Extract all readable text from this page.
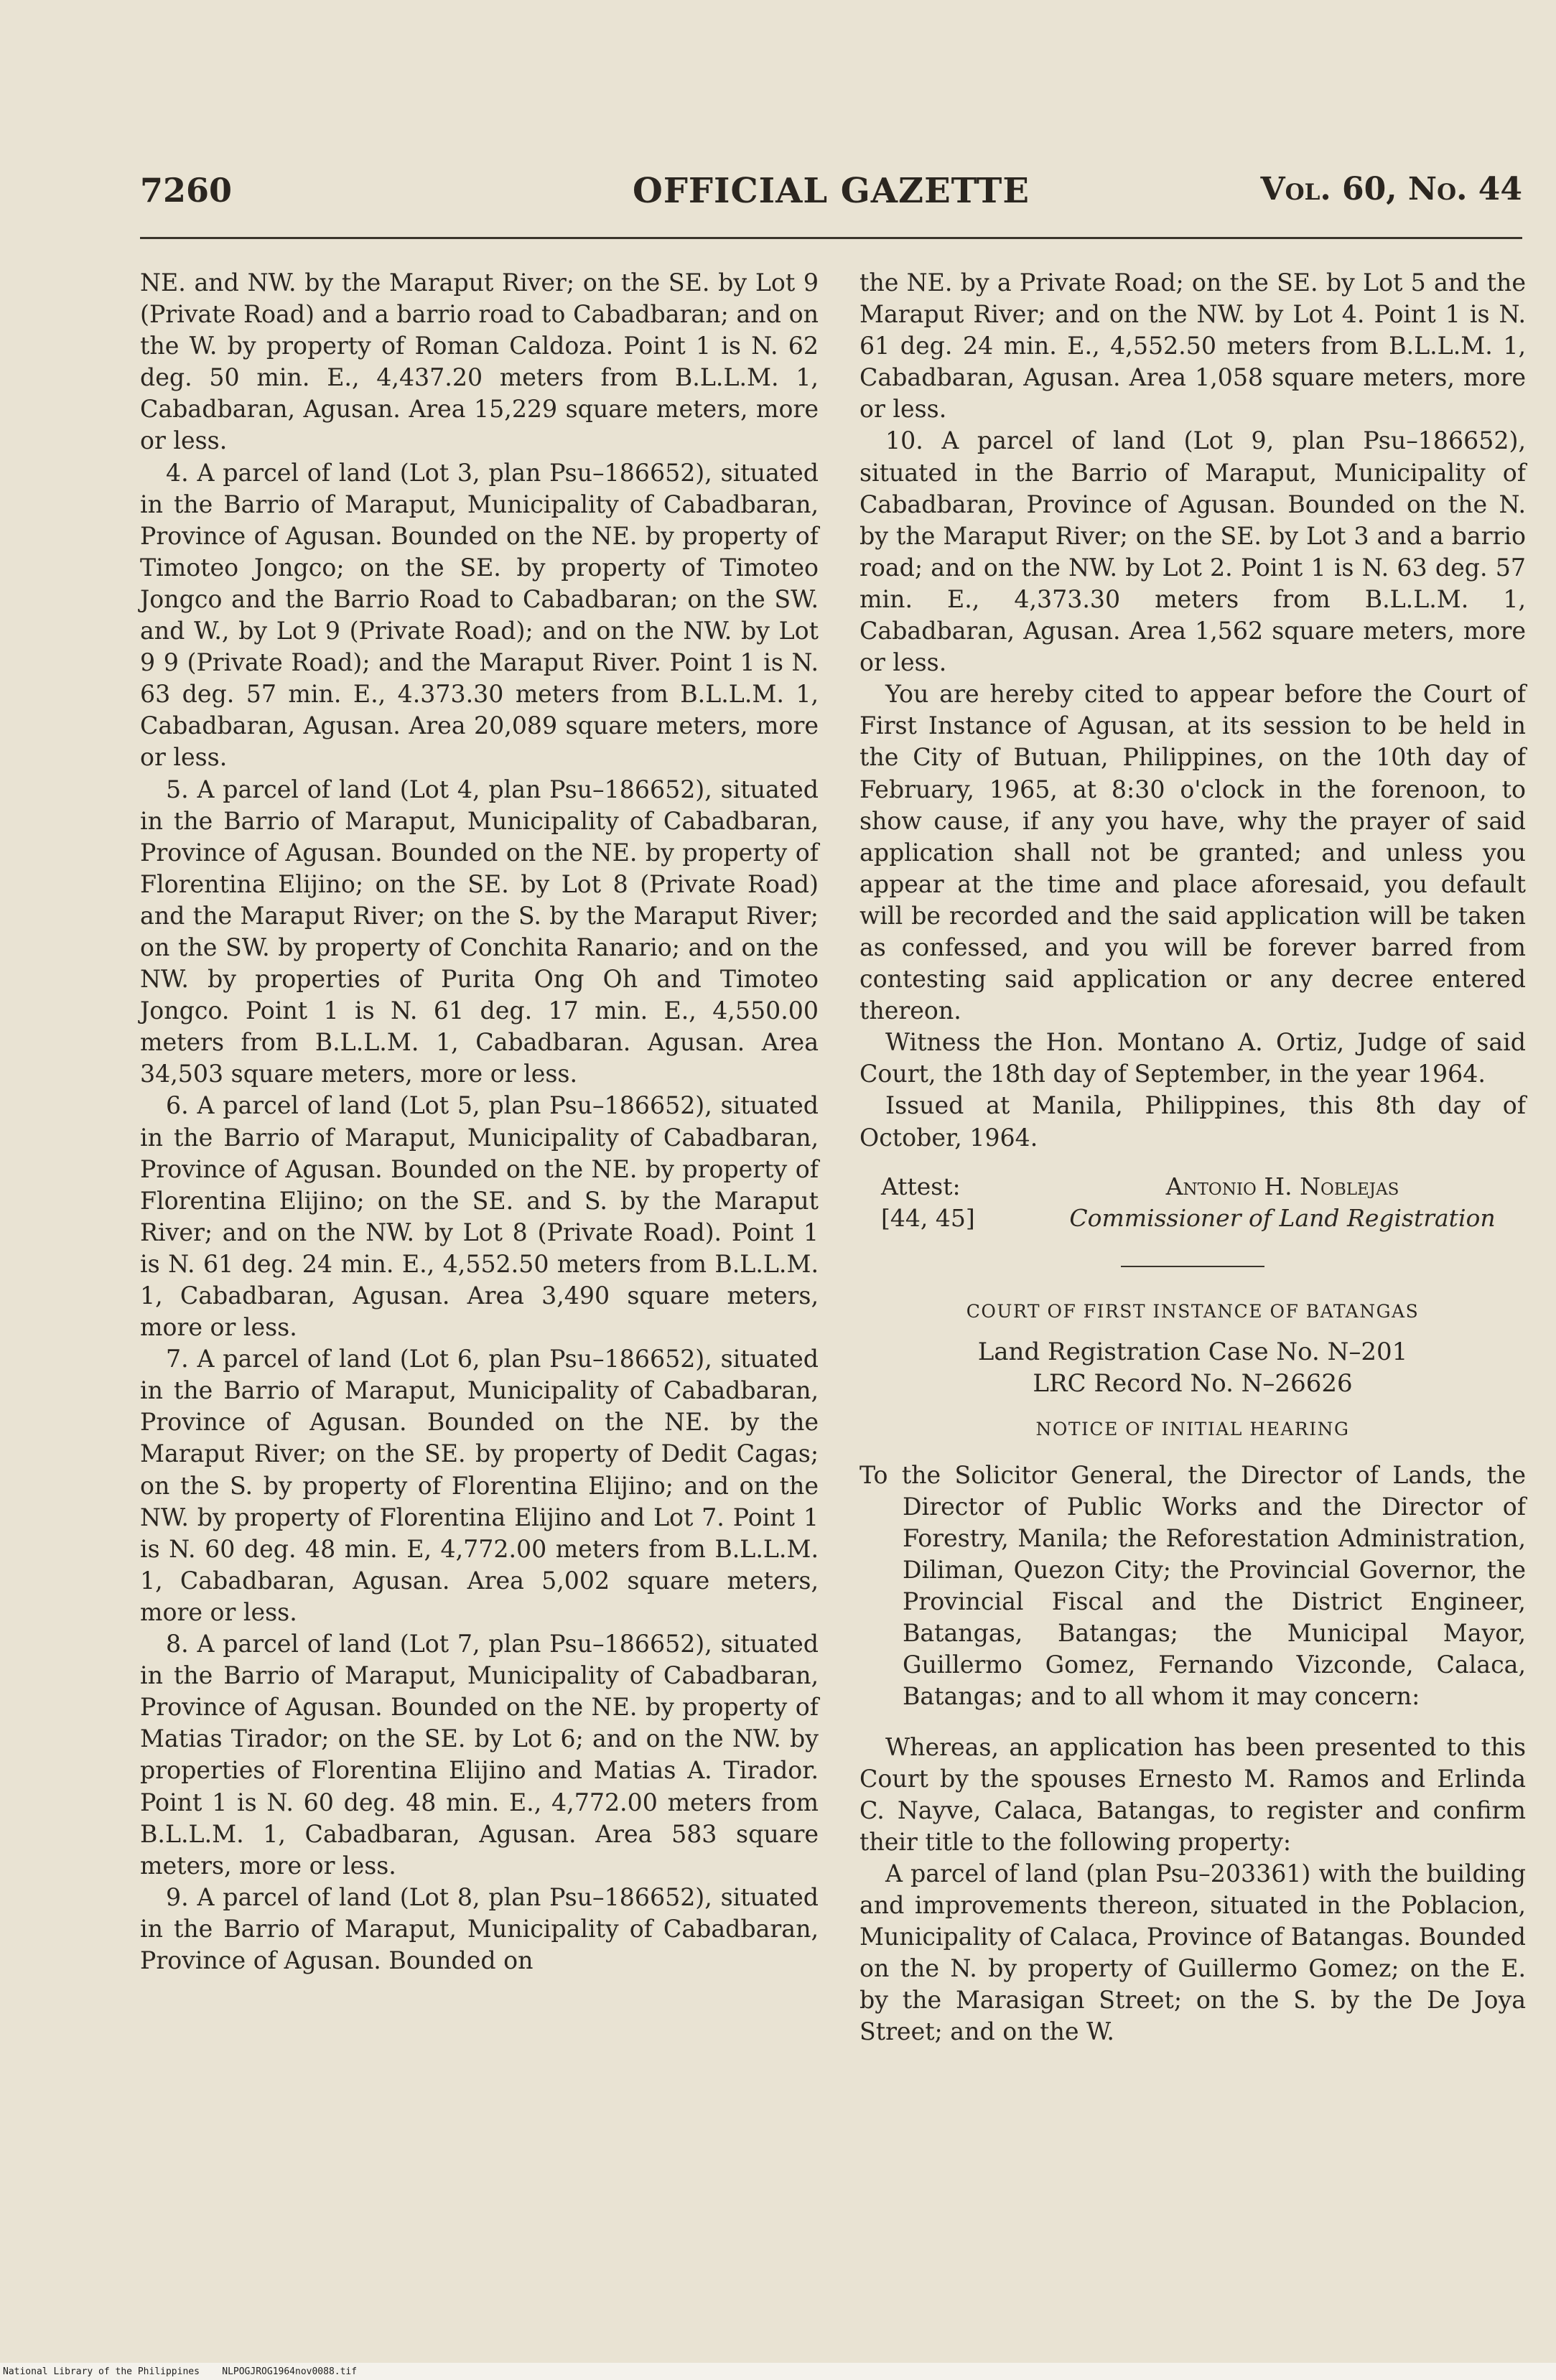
7260	OFFICIAL GAZETTE	Vol. 60, No. 44

NE. and NW. by the Maraput River; on the SE. by Lot 9 (Private Road) and a barrio road to Cabadbaran; and on the W. by property of Roman Caldoza. Point 1 is N. 62 deg. 50 min. E., 4,437.20 meters from B.L.L.M. 1, Cabadbaran, Agusan. Area 15,229 square meters, more or less.

4. A parcel of land (Lot 3, plan Psu–186652), situated in the Barrio of Maraput, Municipality of Cabadbaran, Province of Agusan. Bounded on the NE. by property of Timoteo Jongco; on the SE. by property of Timoteo Jongco and the Barrio Road to Cabadbaran; on the SW. and W., by Lot 9 (Private Road); and on the NW. by Lot 9 9 (Private Road); and the Maraput River. Point 1 is N. 63 deg. 57 min. E., 4.373.30 meters from B.L.L.M. 1, Cabadbaran, Agusan. Area 20,089 square meters, more or less.

5. A parcel of land (Lot 4, plan Psu–186652), situated in the Barrio of Maraput, Municipality of Cabadbaran, Province of Agusan. Bounded on the NE. by property of Florentina Elijino; on the SE. by Lot 8 (Private Road) and the Maraput River; on the S. by the Maraput River; on the SW. by property of Conchita Ranario; and on the NW. by properties of Purita Ong Oh and Timoteo Jongco. Point 1 is N. 61 deg. 17 min. E., 4,550.00 meters from B.L.L.M. 1, Cabadbaran. Agusan. Area 34,503 square meters, more or less.

6. A parcel of land (Lot 5, plan Psu–186652), situated in the Barrio of Maraput, Municipality of Cabadbaran, Province of Agusan. Bounded on the NE. by property of Florentina Elijino; on the SE. and S. by the Maraput River; and on the NW. by Lot 8 (Private Road). Point 1 is N. 61 deg. 24 min. E., 4,552.50 meters from B.L.L.M. 1, Cabadbaran, Agusan. Area 3,490 square meters, more or less.

7. A parcel of land (Lot 6, plan Psu–186652), situated in the Barrio of Maraput, Municipality of Cabadbaran, Province of Agusan. Bounded on the NE. by the Maraput River; on the SE. by property of Dedit Cagas; on the S. by property of Florentina Elijino; and on the NW. by property of Florentina Elijino and Lot 7. Point 1 is N. 60 deg. 48 min. E, 4,772.00 meters from B.L.L.M. 1, Cabadbaran, Agusan. Area 5,002 square meters, more or less.

8. A parcel of land (Lot 7, plan Psu–186652), situated in the Barrio of Maraput, Municipality of Cabadbaran, Province of Agusan. Bounded on the NE. by property of Matias Tirador; on the SE. by Lot 6; and on the NW. by properties of Florentina Elijino and Matias A. Tirador. Point 1 is N. 60 deg. 48 min. E., 4,772.00 meters from B.L.L.M. 1, Cabadbaran, Agusan. Area 583 square meters, more or less.

9. A parcel of land (Lot 8, plan Psu–186652), situated in the Barrio of Maraput, Municipality of Cabadbaran, Province of Agusan. Bounded on

the NE. by a Private Road; on the SE. by Lot 5 and the Maraput River; and on the NW. by Lot 4. Point 1 is N. 61 deg. 24 min. E., 4,552.50 meters from B.L.L.M. 1, Cabadbaran, Agusan. Area 1,058 square meters, more or less.

10. A parcel of land (Lot 9, plan Psu–186652), situated in the Barrio of Maraput, Municipality of Cabadbaran, Province of Agusan. Bounded on the N. by the Maraput River; on the SE. by Lot 3 and a barrio road; and on the NW. by Lot 2. Point 1 is N. 63 deg. 57 min. E., 4,373.30 meters from B.L.L.M. 1, Cabadbaran, Agusan. Area 1,562 square meters, more or less.

You are hereby cited to appear before the Court of First Instance of Agusan, at its session to be held in the City of Butuan, Philippines, on the 10th day of February, 1965, at 8:30 o'clock in the forenoon, to show cause, if any you have, why the prayer of said application shall not be granted; and unless you appear at the time and place aforesaid, you default will be recorded and the said application will be taken as confessed, and you will be forever barred from contesting said application or any decree entered thereon.

Witness the Hon. Montano A. Ortiz, Judge of said Court, the 18th day of September, in the year 1964.

Issued at Manila, Philippines, this 8th day of October, 1964.

Attest:
[44, 45]
Antonio H. Noblejas
Commissioner of Land Registration
COURT OF FIRST INSTANCE OF BATANGAS
Land Registration Case No. N–201
LRC Record No. N–26626
NOTICE OF INITIAL HEARING

To the Solicitor General, the Director of Lands, the Director of Public Works and the Director of Forestry, Manila; the Reforestation Administration, Diliman, Quezon City; the Provincial Governor, the Provincial Fiscal and the District Engineer, Batangas, Batangas; the Municipal Mayor, Guillermo Gomez, Fernando Vizconde, Calaca, Batangas; and to all whom it may concern:

Whereas, an application has been presented to this Court by the spouses Ernesto M. Ramos and Erlinda C. Nayve, Calaca, Batangas, to register and confirm their title to the following property:

A parcel of land (plan Psu–203361) with the building and improvements thereon, situated in the Poblacion, Municipality of Calaca, Province of Batangas. Bounded on the N. by property of Guillermo Gomez; on the E. by the Marasigan Street; on the S. by the De Joya Street; and on the W.

National Library of the Philippines NLPOGJROG1964nov0088.tif
